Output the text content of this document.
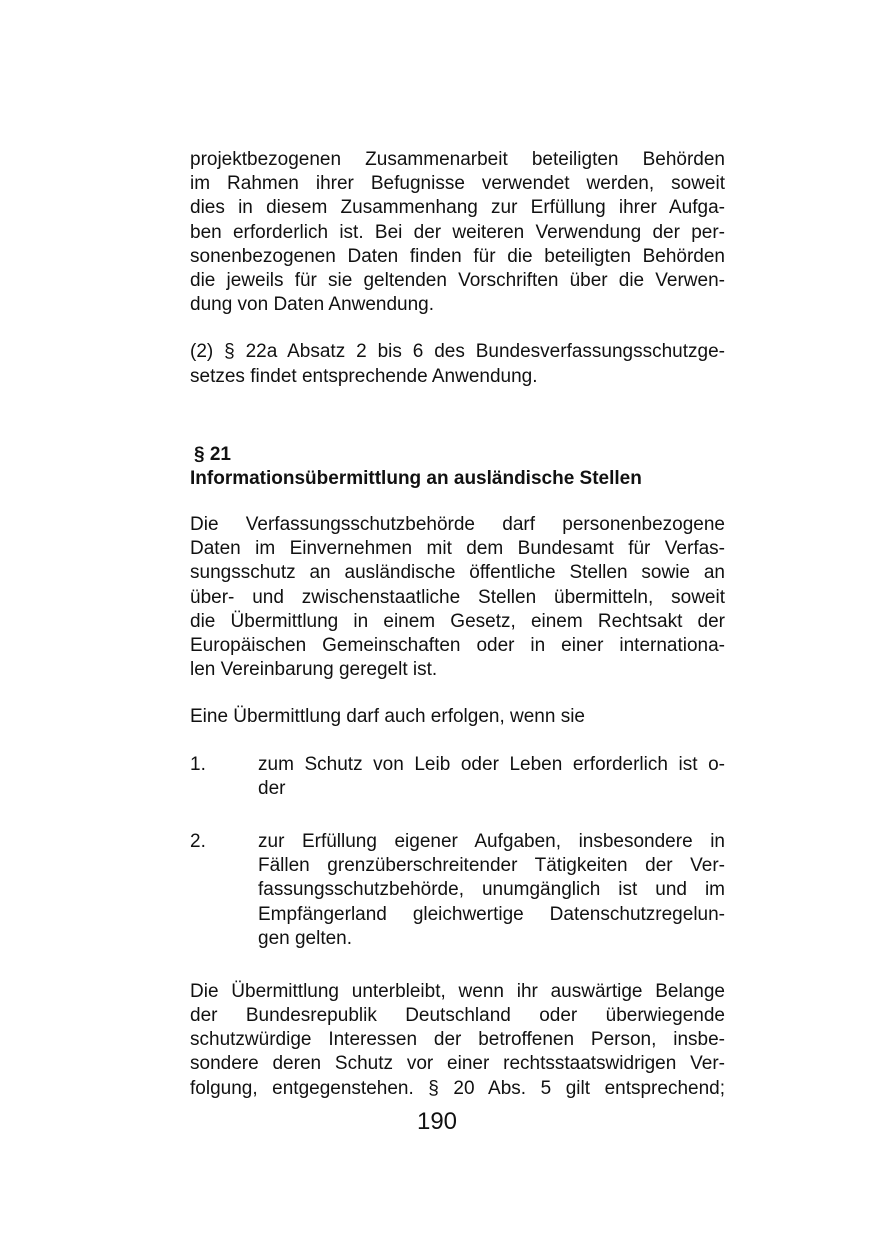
projektbezogenen Zusammenarbeit beteiligten Behörden
im Rahmen ihrer Befugnisse verwendet werden, soweit
dies in diesem Zusammenhang zur Erfüllung ihrer Aufga-
ben erforderlich ist. Bei der weiteren Verwendung der per-
sonenbezogenen Daten finden für die beteiligten Behörden
die jeweils für sie geltenden Vorschriften über die Verwen-
dung von Daten Anwendung.
(2) § 22a Absatz 2 bis 6 des Bundesverfassungsschutzge-
setzes findet entsprechende Anwendung.
§ 21
Informationsübermittlung an ausländische Stellen
Die Verfassungsschutzbehörde darf personenbezogene
Daten im Einvernehmen mit dem Bundesamt für Verfas-
sungsschutz an ausländische öffentliche Stellen sowie an
über- und zwischenstaatliche Stellen übermitteln, soweit
die Übermittlung in einem Gesetz, einem Rechtsakt der
Europäischen Gemeinschaften oder in einer internationa-
len Vereinbarung geregelt ist.
Eine Übermittlung darf auch erfolgen, wenn sie
1.	zum Schutz von Leib oder Leben erforderlich ist o-
der
2.	zur Erfüllung eigener Aufgaben, insbesondere in
Fällen grenzüberschreitender Tätigkeiten der Ver-
fassungsschutzbehörde, unumgänglich ist und im
Empfängerland gleichwertige Datenschutzregelun-
gen gelten.
Die Übermittlung unterbleibt, wenn ihr auswärtige Belange
der Bundesrepublik Deutschland oder überwiegende
schutzwürdige Interessen der betroffenen Person, insbe-
sondere deren Schutz vor einer rechtsstaatswidrigen Ver-
folgung, entgegenstehen. § 20 Abs. 5 gilt entsprechend;
190
